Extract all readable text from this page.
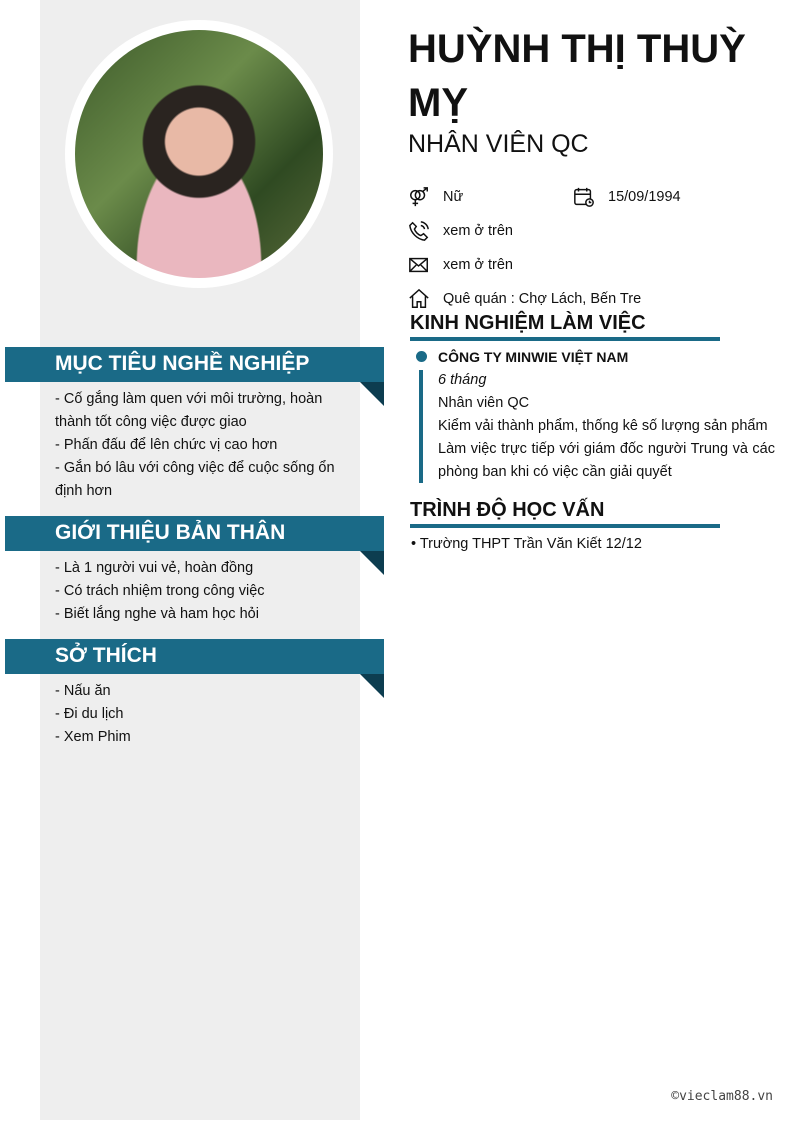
MỤC TIÊU NGHỀ NGHIỆP
- Cố gắng làm quen với môi trường, hoàn thành tốt công việc được giao
- Phấn đấu để lên chức vị cao hơn
- Gắn bó lâu với công việc để cuộc sống ổn định hơn
GIỚI THIỆU BẢN THÂN
- Là 1 người vui vẻ, hoàn đồng
- Có trách nhiệm trong công việc
- Biết lắng nghe và ham học hỏi
SỞ THÍCH
- Nấu ăn
- Đi du lịch
- Xem Phim
HUỲNH THỊ THUỲ MỴ
NHÂN VIÊN QC
Nữ	15/09/1994
xem ở trên
xem ở trên
Quê quán : Chợ Lách, Bến Tre
KINH NGHIỆM LÀM VIỆC
CÔNG TY MINWIE VIỆT NAM
6 tháng
Nhân viên QC
Kiểm vải thành phẩm, thống kê số lượng sản phẩm
Làm việc trực tiếp với giám đốc người Trung và các phòng ban khi có việc cần giải quyết
TRÌNH ĐỘ HỌC VẤN
• Trường THPT Trần Văn Kiết 12/12
©vieclam88.vn
